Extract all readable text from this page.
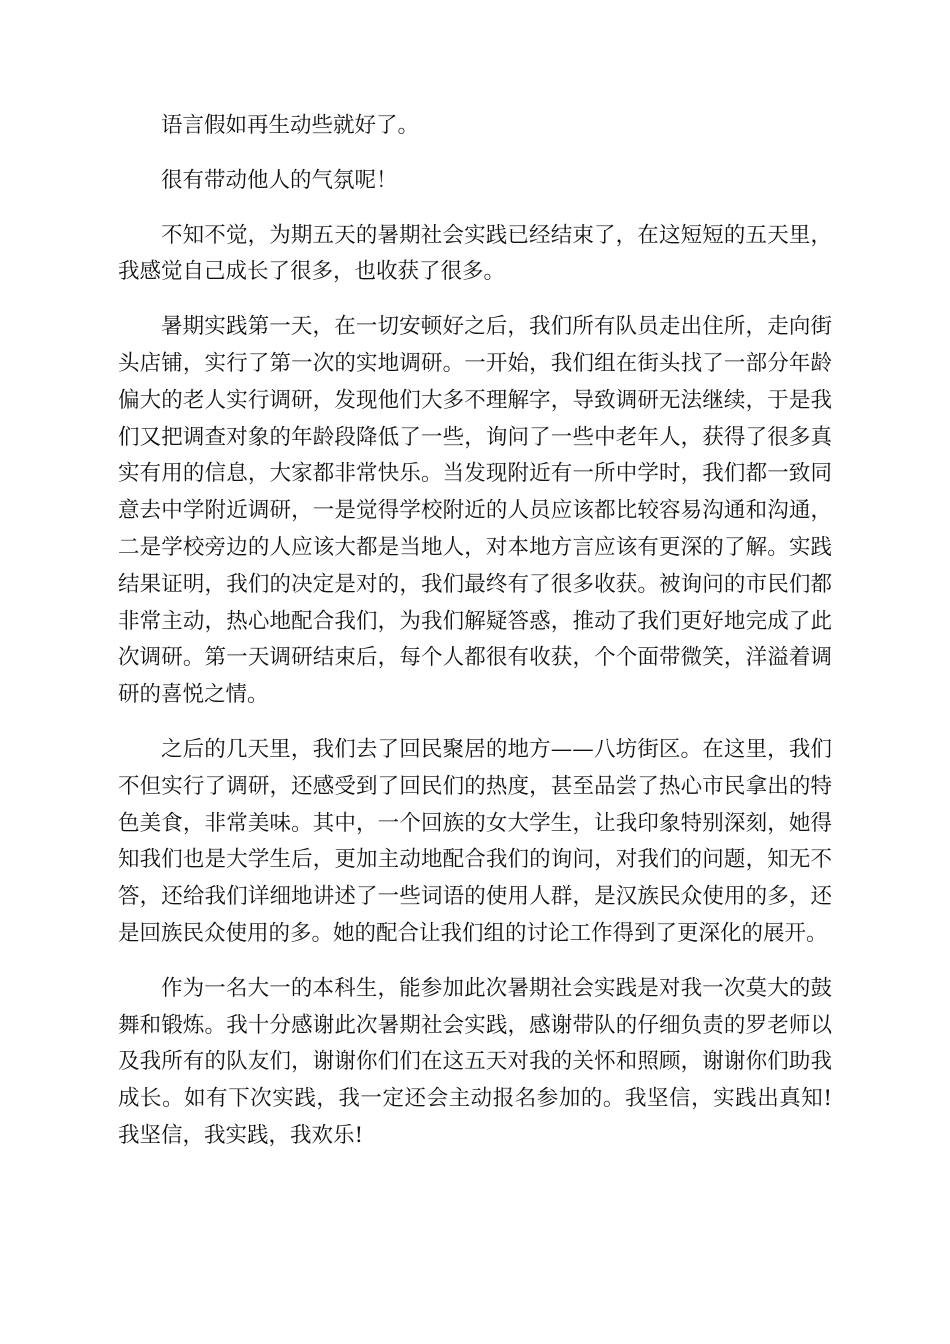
语言假如再生动些就好了。

很有带动他人的气氛呢！

不知不觉，为期五天的暑期社会实践已经结束了，在这短短的五天里，我感觉自己成长了很多，也收获了很多。

暑期实践第一天，在一切安顿好之后，我们所有队员走出住所，走向街头店铺，实行了第一次的实地调研。一开始，我们组在街头找了一部分年龄偏大的老人实行调研，发现他们大多不理解字，导致调研无法继续，于是我们又把调查对象的年龄段降低了一些，询问了一些中老年人，获得了很多真实有用的信息，大家都非常快乐。当发现附近有一所中学时，我们都一致同意去中学附近调研，一是觉得学校附近的人员应该都比较容易沟通和沟通，二是学校旁边的人应该大都是当地人，对本地方言应该有更深的了解。实践结果证明，我们的决定是对的，我们最终有了很多收获。被询问的市民们都非常主动，热心地配合我们，为我们解疑答惑，推动了我们更好地完成了此次调研。第一天调研结束后，每个人都很有收获，个个面带微笑，洋溢着调研的喜悦之情。

之后的几天里，我们去了回民聚居的地方——八坊街区。在这里，我们不但实行了调研，还感受到了回民们的热度，甚至品尝了热心市民拿出的特色美食，非常美味。其中，一个回族的女大学生，让我印象特别深刻，她得知我们也是大学生后，更加主动地配合我们的询问，对我们的问题，知无不答，还给我们详细地讲述了一些词语的使用人群，是汉族民众使用的多，还是回族民众使用的多。她的配合让我们组的讨论工作得到了更深化的展开。

作为一名大一的本科生，能参加此次暑期社会实践是对我一次莫大的鼓舞和锻炼。我十分感谢此次暑期社会实践，感谢带队的仔细负责的罗老师以及我所有的队友们，谢谢你们们在这五天对我的关怀和照顾，谢谢你们助我成长。如有下次实践，我一定还会主动报名参加的。我坚信，实践出真知!我坚信，我实践，我欢乐!
